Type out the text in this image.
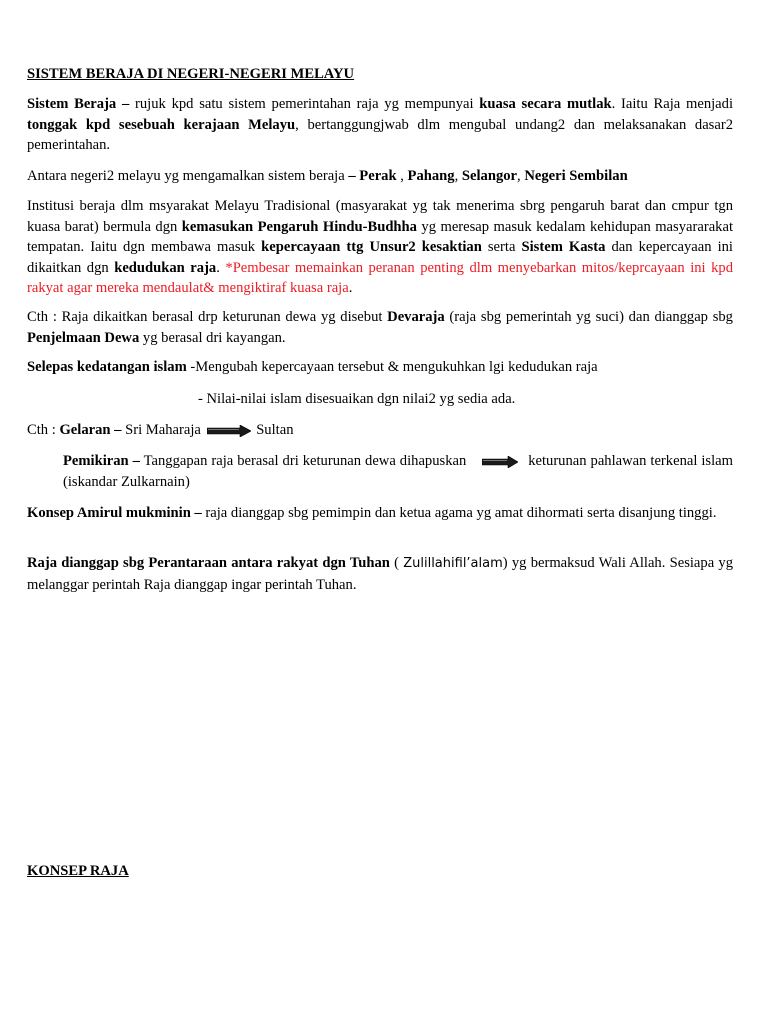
SISTEM BERAJA DI NEGERI-NEGERI MELAYU

Sistem Beraja – rujuk kpd satu sistem pemerintahan raja yg mempunyai kuasa secara mutlak. Iaitu Raja menjadi tonggak kpd sesebuah kerajaan Melayu, bertanggungjwab dlm mengubal undang2 dan melaksanakan dasar2 pemerintahan.

Antara negeri2 melayu yg mengamalkan sistem beraja – Perak , Pahang, Selangor, Negeri Sembilan

Institusi beraja dlm msyarakat Melayu Tradisional (masyarakat yg tak menerima sbrg pengaruh barat dan cmpur tgn kuasa barat) bermula dgn kemasukan Pengaruh Hindu-Budhha yg meresap masuk kedalam kehidupan masyararakat tempatan. Iaitu dgn membawa masuk kepercayaan ttg Unsur2 kesaktian serta Sistem Kasta dan kepercayaan ini dikaitkan dgn kedudukan raja. *Pembesar memainkan peranan penting dlm menyebarkan mitos/keprcayaan ini kpd rakyat agar mereka mendaulat& mengiktiraf kuasa raja.

Cth : Raja dikaitkan berasal drp keturunan dewa yg disebut Devaraja (raja sbg pemerintah yg suci) dan dianggap sbg Penjelmaan Dewa yg berasal dri kayangan.

Selepas kedatangan islam -Mengubah kepercayaan tersebut & mengukuhkan lgi kedudukan raja

- Nilai-nilai islam disesuaikan dgn nilai2 yg sedia ada.

Cth : Gelaran – Sri Maharaja	Sultan

Pemikiran – Tanggapan raja berasal dri keturunan dewa dihapuskan	keturunan pahlawan terkenal islam (iskandar Zulkarnain)

Konsep Amirul mukminin – raja dianggap sbg pemimpin dan ketua agama yg amat dihormati serta disanjung tinggi.

Raja dianggap sbg Perantaraan antara rakyat dgn Tuhan ( Zulillahifil’alam) yg bermaksud Wali Allah. Sesiapa yg melanggar perintah Raja dianggap ingar perintah Tuhan.

KONSEP RAJA
